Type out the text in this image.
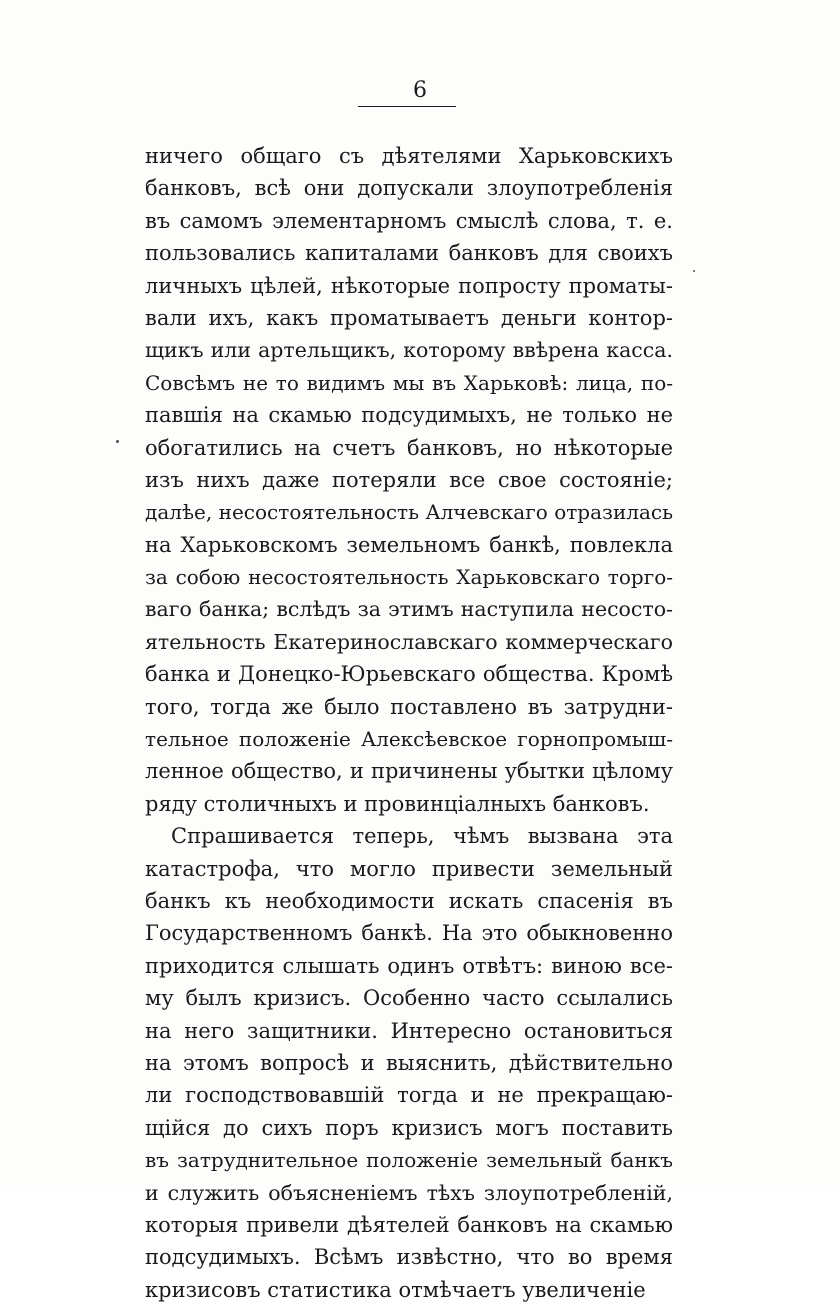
6
ничего общаго съ дѣятелями Харьковскихъ
банковъ, всѣ они допускали злоупотребленія
въ самомъ элементарномъ смыслѣ слова, т. е.
пользовались капиталами банковъ для своихъ
личныхъ цѣлей, нѣкоторые попросту проматы-
вали ихъ, какъ проматываетъ деньги контор-
щикъ или артельщикъ, которому ввѣрена касса.
Совсѣмъ не то видимъ мы въ Харьковѣ: лица, по-
павшія на скамью подсудимыхъ, не только не
обогатились на счетъ банковъ, но нѣкоторые
изъ нихъ даже потеряли все свое состояніе;
далѣе, несостоятельность Алчевскаго отразилась
на Харьковскомъ земельномъ банкѣ, повлекла
за собою несостоятельность Харьковскаго торго-
ваго банка; вслѣдъ за этимъ наступила несосто-
ятельность Екатеринославскаго коммерческаго
банка и Донецко-Юрьевскаго общества. Кромѣ
того, тогда же было поставлено въ затрудни-
тельное положеніе Алексѣевское горнопромыш-
ленное общество, и причинены убытки цѣлому
ряду столичныхъ и провинціалныхъ банковъ.
Спрашивается теперь, чѣмъ вызвана эта
катастрофа, что могло привести земельный
банкъ къ необходимости искать спасенія въ
Государственномъ банкѣ. На это обыкновенно
приходится слышать одинъ отвѣтъ: виною все-
му былъ кризисъ. Особенно часто ссылались
на него защитники. Интересно остановиться
на этомъ вопросѣ и выяснить, дѣйствительно
ли господствовавшій тогда и не прекращаю-
щійся до сихъ поръ кризисъ могъ поставить
въ затруднительное положеніе земельный банкъ
и служить объясненіемъ тѣхъ злоупотребленій,
которыя привели дѣятелей банковъ на скамью
подсудимыхъ. Всѣмъ извѣстно, что во время
кризисовъ статистика отмѣчаетъ увеличеніе
